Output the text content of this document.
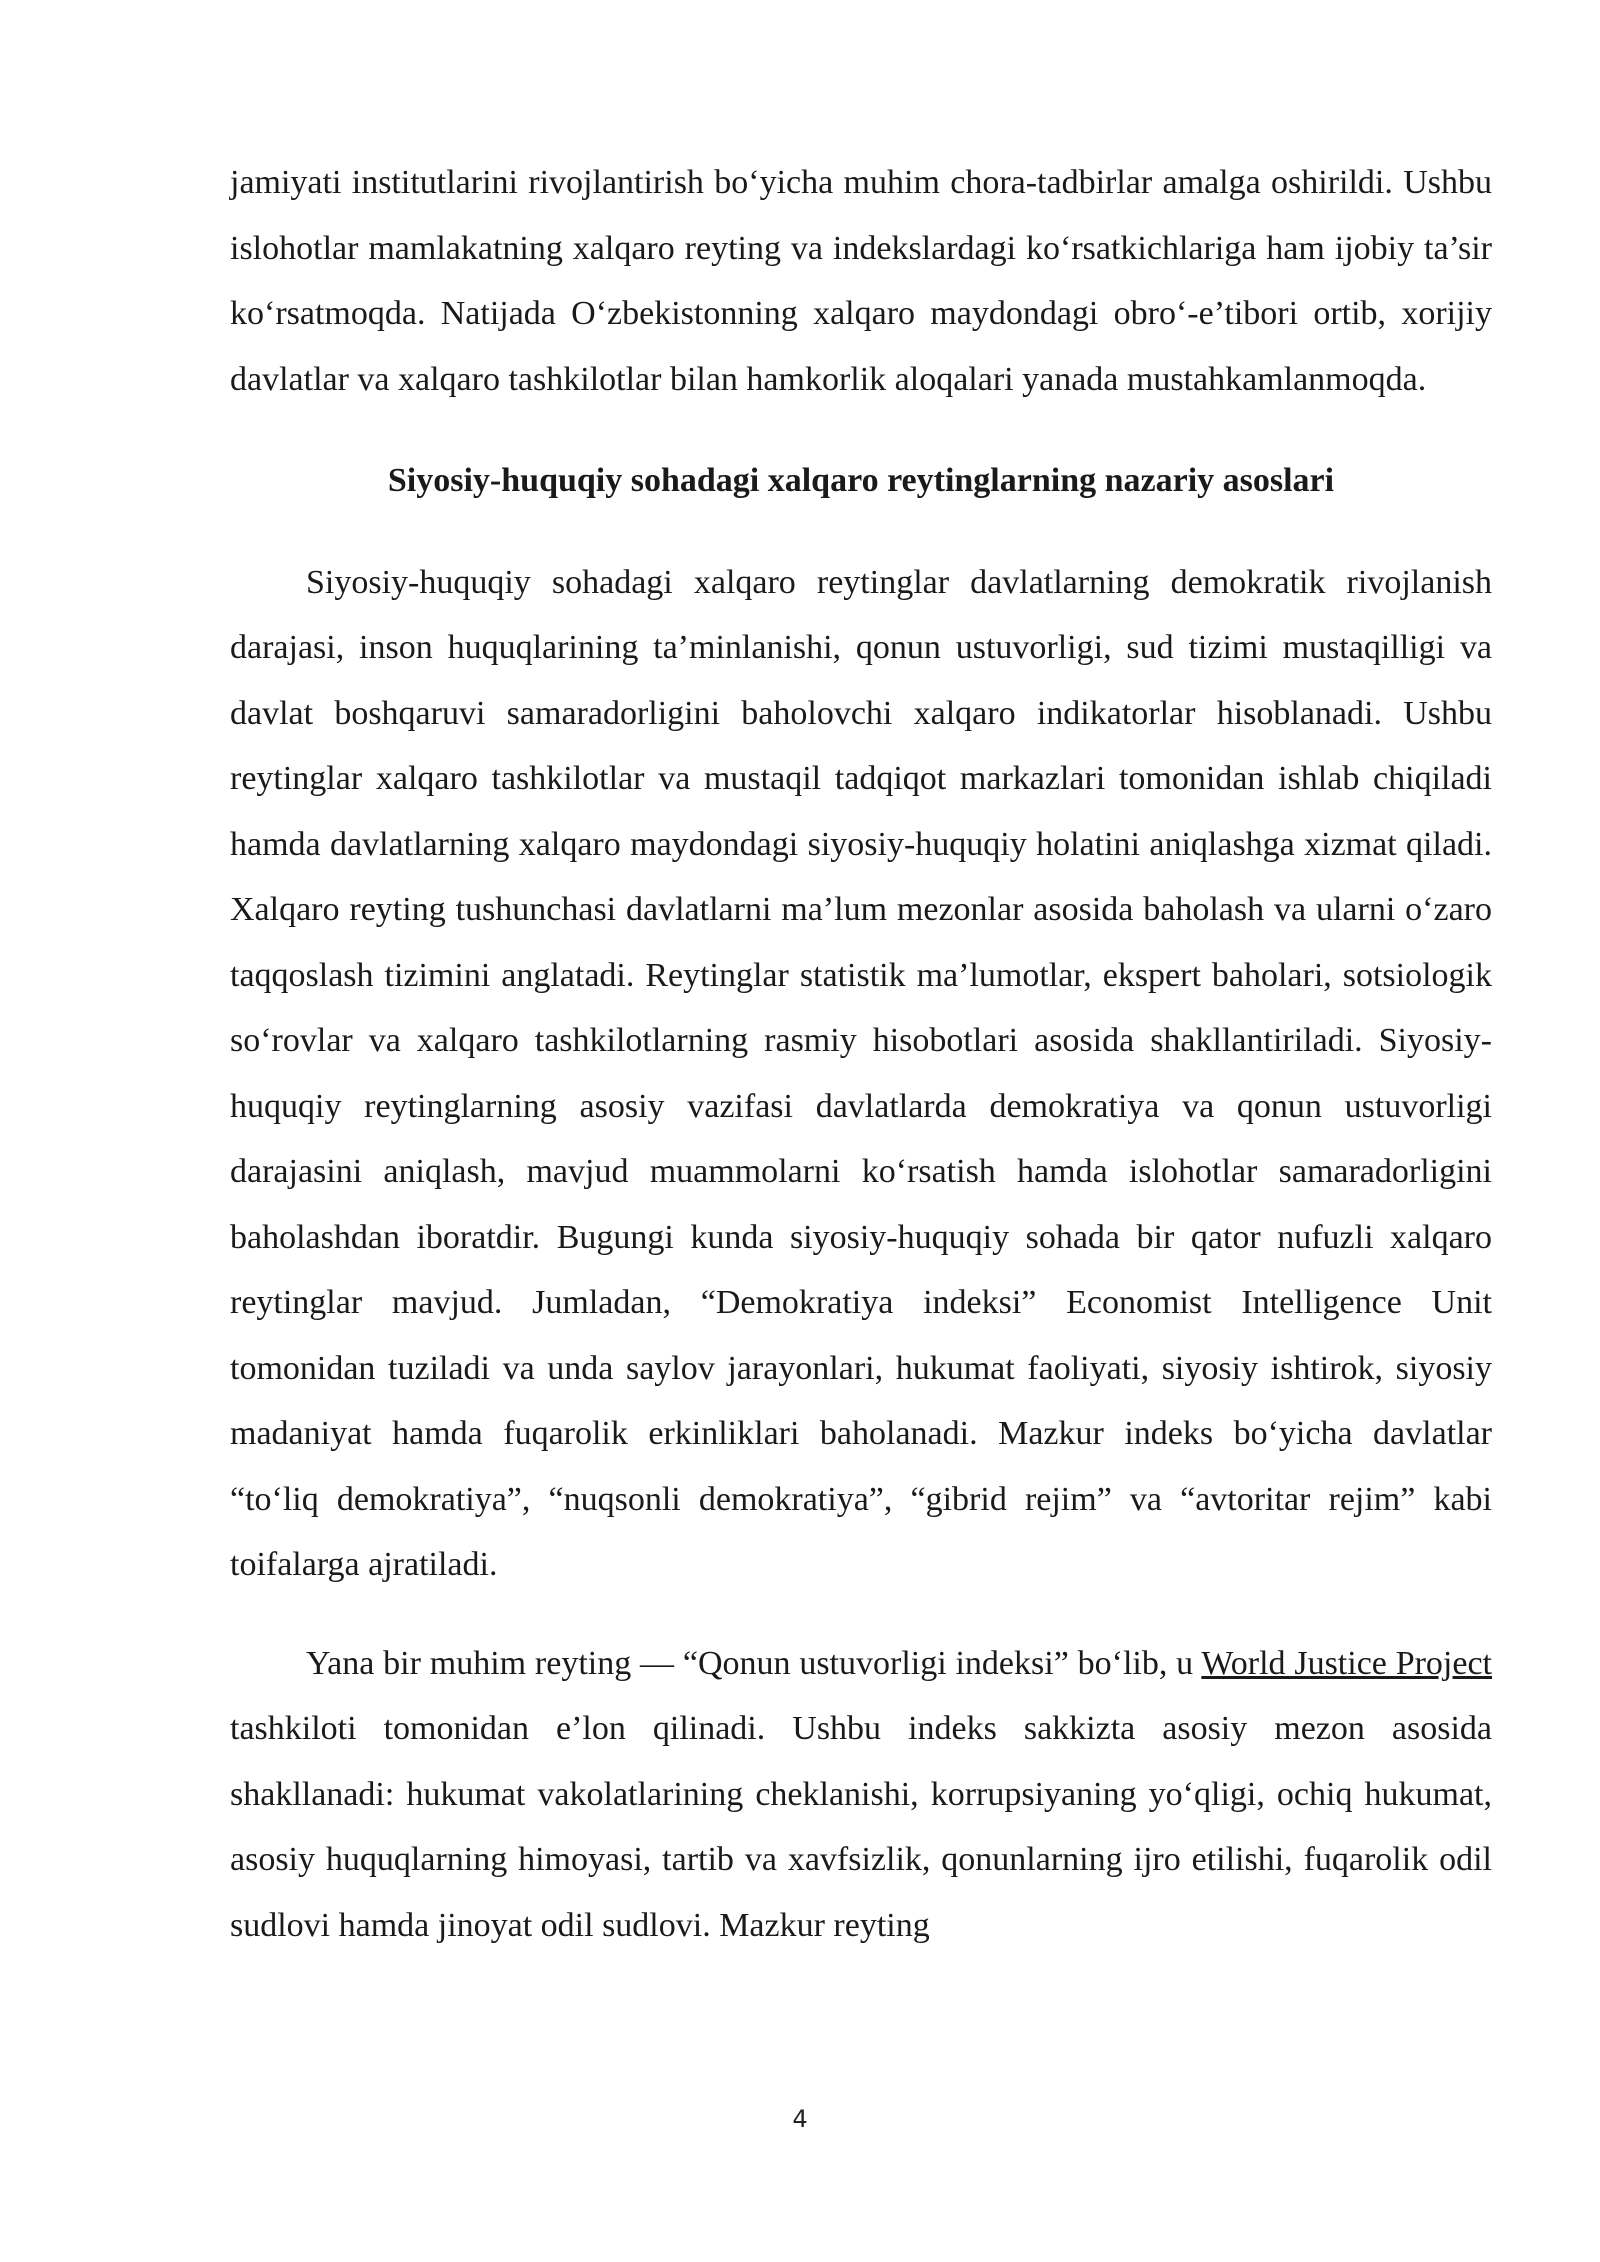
jamiyati institutlarini rivojlantirish bo‘yicha muhim chora-tadbirlar amalga oshirildi. Ushbu islohotlar mamlakatning xalqaro reyting va indekslardagi ko‘rsatkichlariga ham ijobiy ta’sir ko‘rsatmoqda. Natijada O‘zbekistonning xalqaro maydondagi obro‘-e’tibori ortib, xorijiy davlatlar va xalqaro tashkilotlar bilan hamkorlik aloqalari yanada mustahkamlanmoqda.

Siyosiy-huquqiy sohadagi xalqaro reytinglarning nazariy asoslari

Siyosiy-huquqiy sohadagi xalqaro reytinglar davlatlarning demokratik rivojlanish darajasi, inson huquqlarining ta’minlanishi, qonun ustuvorligi, sud tizimi mustaqilligi va davlat boshqaruvi samaradorligini baholovchi xalqaro indikatorlar hisoblanadi. Ushbu reytinglar xalqaro tashkilotlar va mustaqil tadqiqot markazlari tomonidan ishlab chiqiladi hamda davlatlarning xalqaro maydondagi siyosiy-huquqiy holatini aniqlashga xizmat qiladi. Xalqaro reyting tushunchasi davlatlarni ma’lum mezonlar asosida baholash va ularni o‘zaro taqqoslash tizimini anglatadi. Reytinglar statistik ma’lumotlar, ekspert baholari, sotsiologik so‘rovlar va xalqaro tashkilotlarning rasmiy hisobotlari asosida shakllantiriladi. Siyosiy-huquqiy reytinglarning asosiy vazifasi davlatlarda demokratiya va qonun ustuvorligi darajasini aniqlash, mavjud muammolarni ko‘rsatish hamda islohotlar samaradorligini baholashdan iboratdir. Bugungi kunda siyosiy-huquqiy sohada bir qator nufuzli xalqaro reytinglar mavjud. Jumladan, “Demokratiya indeksi” Economist Intelligence Unit tomonidan tuziladi va unda saylov jarayonlari, hukumat faoliyati, siyosiy ishtirok, siyosiy madaniyat hamda fuqarolik erkinliklari baholanadi. Mazkur indeks bo‘yicha davlatlar “to‘liq demokratiya”, “nuqsonli demokratiya”, “gibrid rejim” va “avtoritar rejim” kabi toifalarga ajratiladi.

Yana bir muhim reyting — “Qonun ustuvorligi indeksi” bo‘lib, u World Justice Project tashkiloti tomonidan e’lon qilinadi. Ushbu indeks sakkizta asosiy mezon asosida shakllanadi: hukumat vakolatlarining cheklanishi, korrupsiyaning yo‘qligi, ochiq hukumat, asosiy huquqlarning himoyasi, tartib va xavfsizlik, qonunlarning ijro etilishi, fuqarolik odil sudlovi hamda jinoyat odil sudlovi. Mazkur reyting

4
